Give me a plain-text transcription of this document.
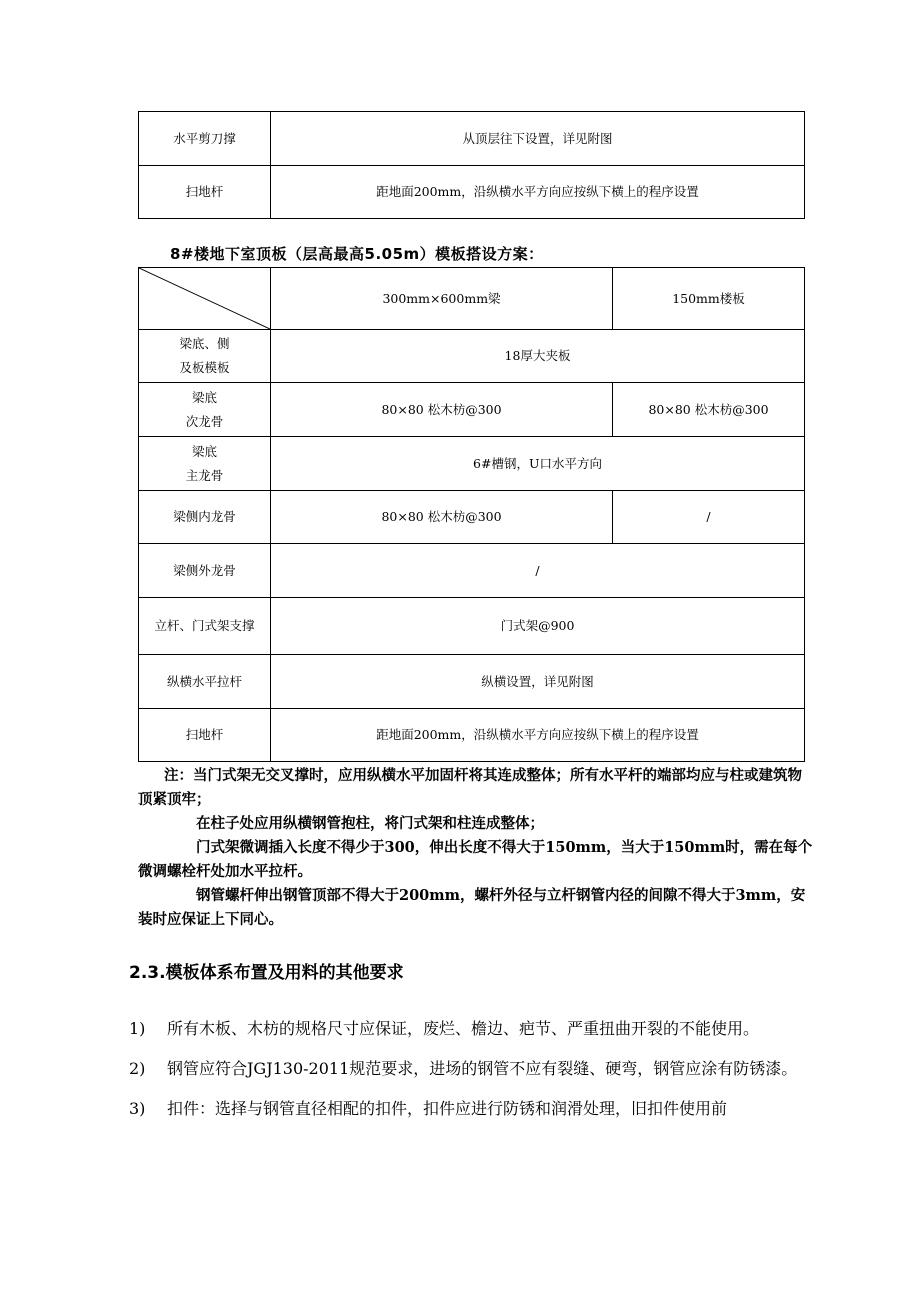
水平剪刀撑	从顶层往下设置，详见附图
扫地杆	距地面200mm，沿纵横水平方向应按纵下横上的程序设置
8#楼地下室顶板（层高最高5.05m）模板搭设方案：
	300mm×600mm梁	150mm楼板

梁底、侧
及板模板	18厚大夹板	

梁底
次龙骨	80×80 松木枋@300	80×80 松木枋@300

梁底
主龙骨	6#槽钢，U口水平方向	
梁侧内龙骨	80×80 松木枋@300	/
梁侧外龙骨	/	
立杆、门式架支撑	门式架@900	
纵横水平拉杆	纵横设置，详见附图	
扫地杆	距地面200mm，沿纵横水平方向应按纵下横上的程序设置	

注：当门式架无交叉撑时，应用纵横水平加固杆将其连成整体；所有水平杆的端部均应与柱或建筑物顶紧顶牢；

在柱子处应用纵横钢管抱柱，将门式架和柱连成整体；

门式架微调插入长度不得少于300，伸出长度不得大于150mm，当大于150mm时，需在每个微调螺栓杆处加水平拉杆。

钢管螺杆伸出钢管顶部不得大于200mm，螺杆外径与立杆钢管内径的间隙不得大于3mm，安装时应保证上下同心。

2.3.模板体系布置及用料的其他要求
1) 所有木板、木枋的规格尺寸应保证，废烂、檐边、疤节、严重扭曲开裂的不能使用。
2) 钢管应符合JGJ130-2011规范要求，进场的钢管不应有裂缝、硬弯，钢管应涂有防锈漆。
3) 扣件：选择与钢管直径相配的扣件，扣件应进行防锈和润滑处理，旧扣件使用前
